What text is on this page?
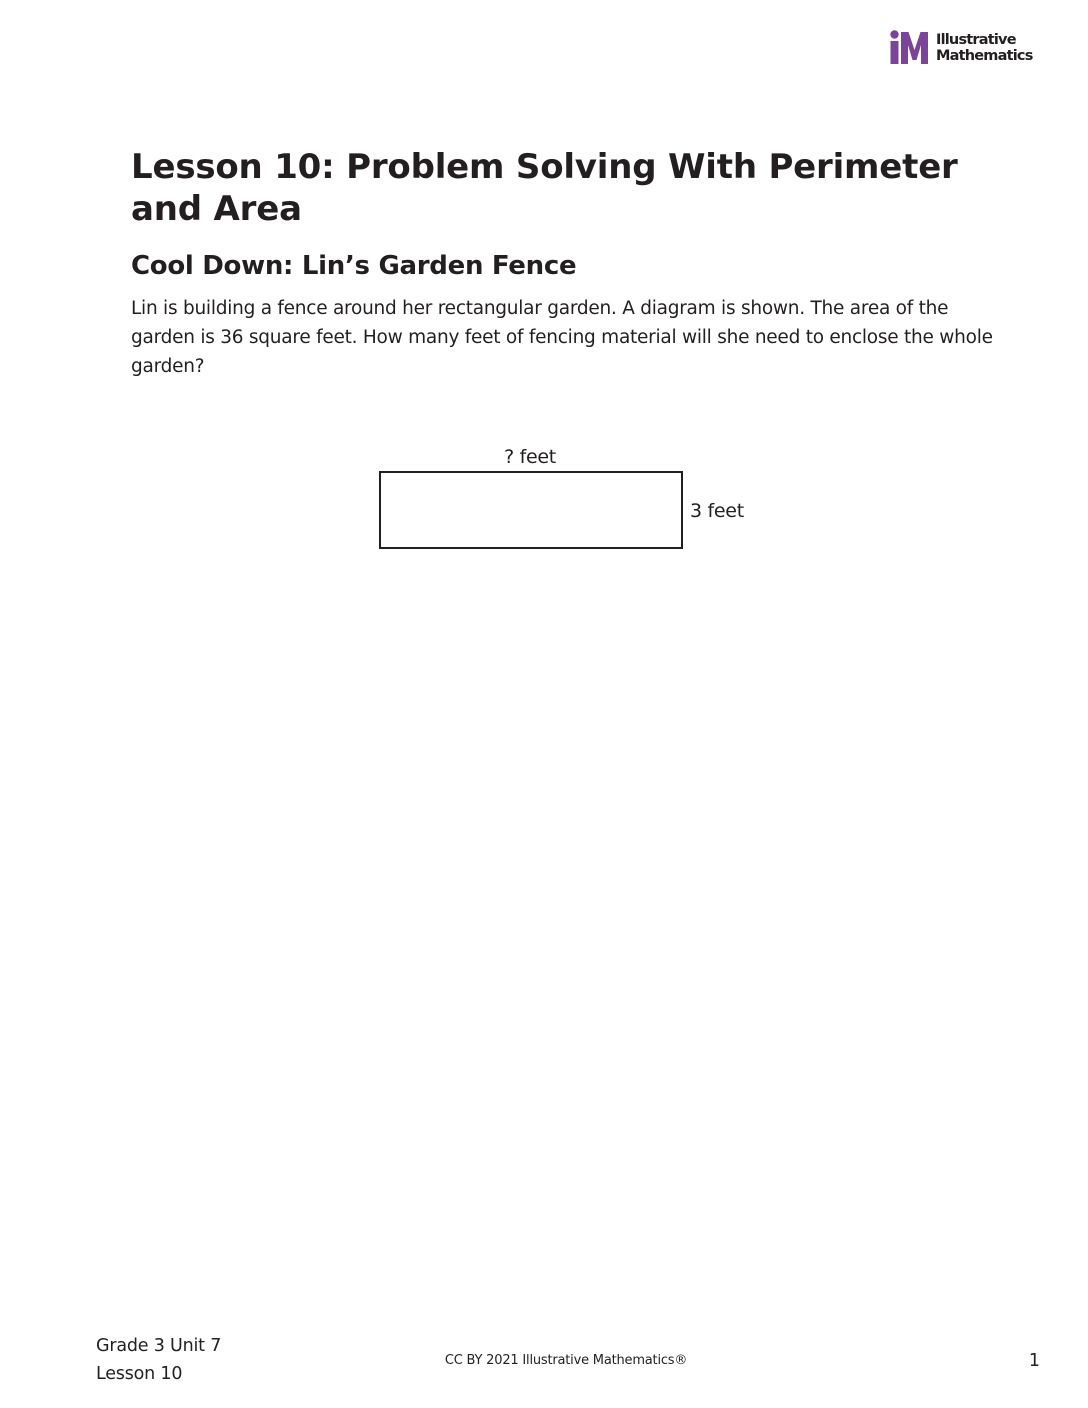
Illustrative
Mathematics
Lesson 10: Problem Solving With Perimeter and Area
Cool Down: Lin’s Garden Fence

Lin is building a fence around her rectangular garden. A diagram is shown. The area of the garden is 36 square feet. How many feet of fencing material will she need to enclose the whole garden?

? feet
3 feet
Grade 3 Unit 7
Lesson 10
CC BY 2021 Illustrative Mathematics®	1
